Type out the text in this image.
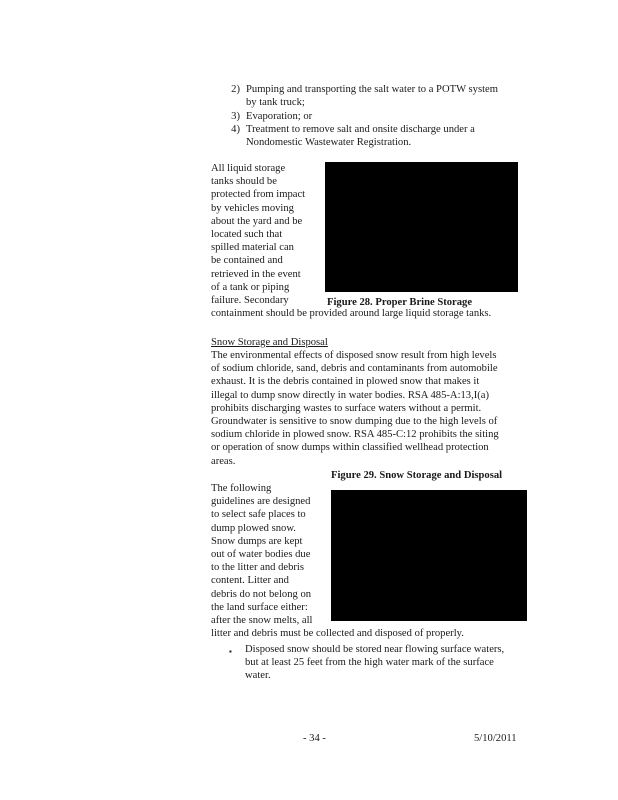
2) Pumping and transporting the salt water to a POTW system
by tank truck;
3) Evaporation; or
4) Treatment to remove salt and onsite discharge under a
Nondomestic Wastewater Registration.
All liquid storage
tanks should be
protected from impact
by vehicles moving
about the yard and be
located such that
spilled material can
be contained and
retrieved in the event
of a tank or piping
failure. Secondary
containment should be provided around large liquid storage tanks.
Figure 28. Proper Brine Storage
Snow Storage and Disposal
The environmental effects of disposed snow result from high levels
of sodium chloride, sand, debris and contaminants from automobile
exhaust. It is the debris contained in plowed snow that makes it
illegal to dump snow directly in water bodies. RSA 485-A:13,I(a)
prohibits discharging wastes to surface waters without a permit.
Groundwater is sensitive to snow dumping due to the high levels of
sodium chloride in plowed snow. RSA 485-C:12 prohibits the siting
or operation of snow dumps within classified wellhead protection
areas.
Figure 29. Snow Storage and Disposal
The following
guidelines are designed
to select safe places to
dump plowed snow.
Snow dumps are kept
out of water bodies due
to the litter and debris
content. Litter and
debris do not belong on
the land surface either:
after the snow melts, all
litter and debris must be collected and disposed of properly.
▪ Disposed snow should be stored near flowing surface waters,
but at least 25 feet from the high water mark of the surface
water.
- 34 -	5/10/2011
